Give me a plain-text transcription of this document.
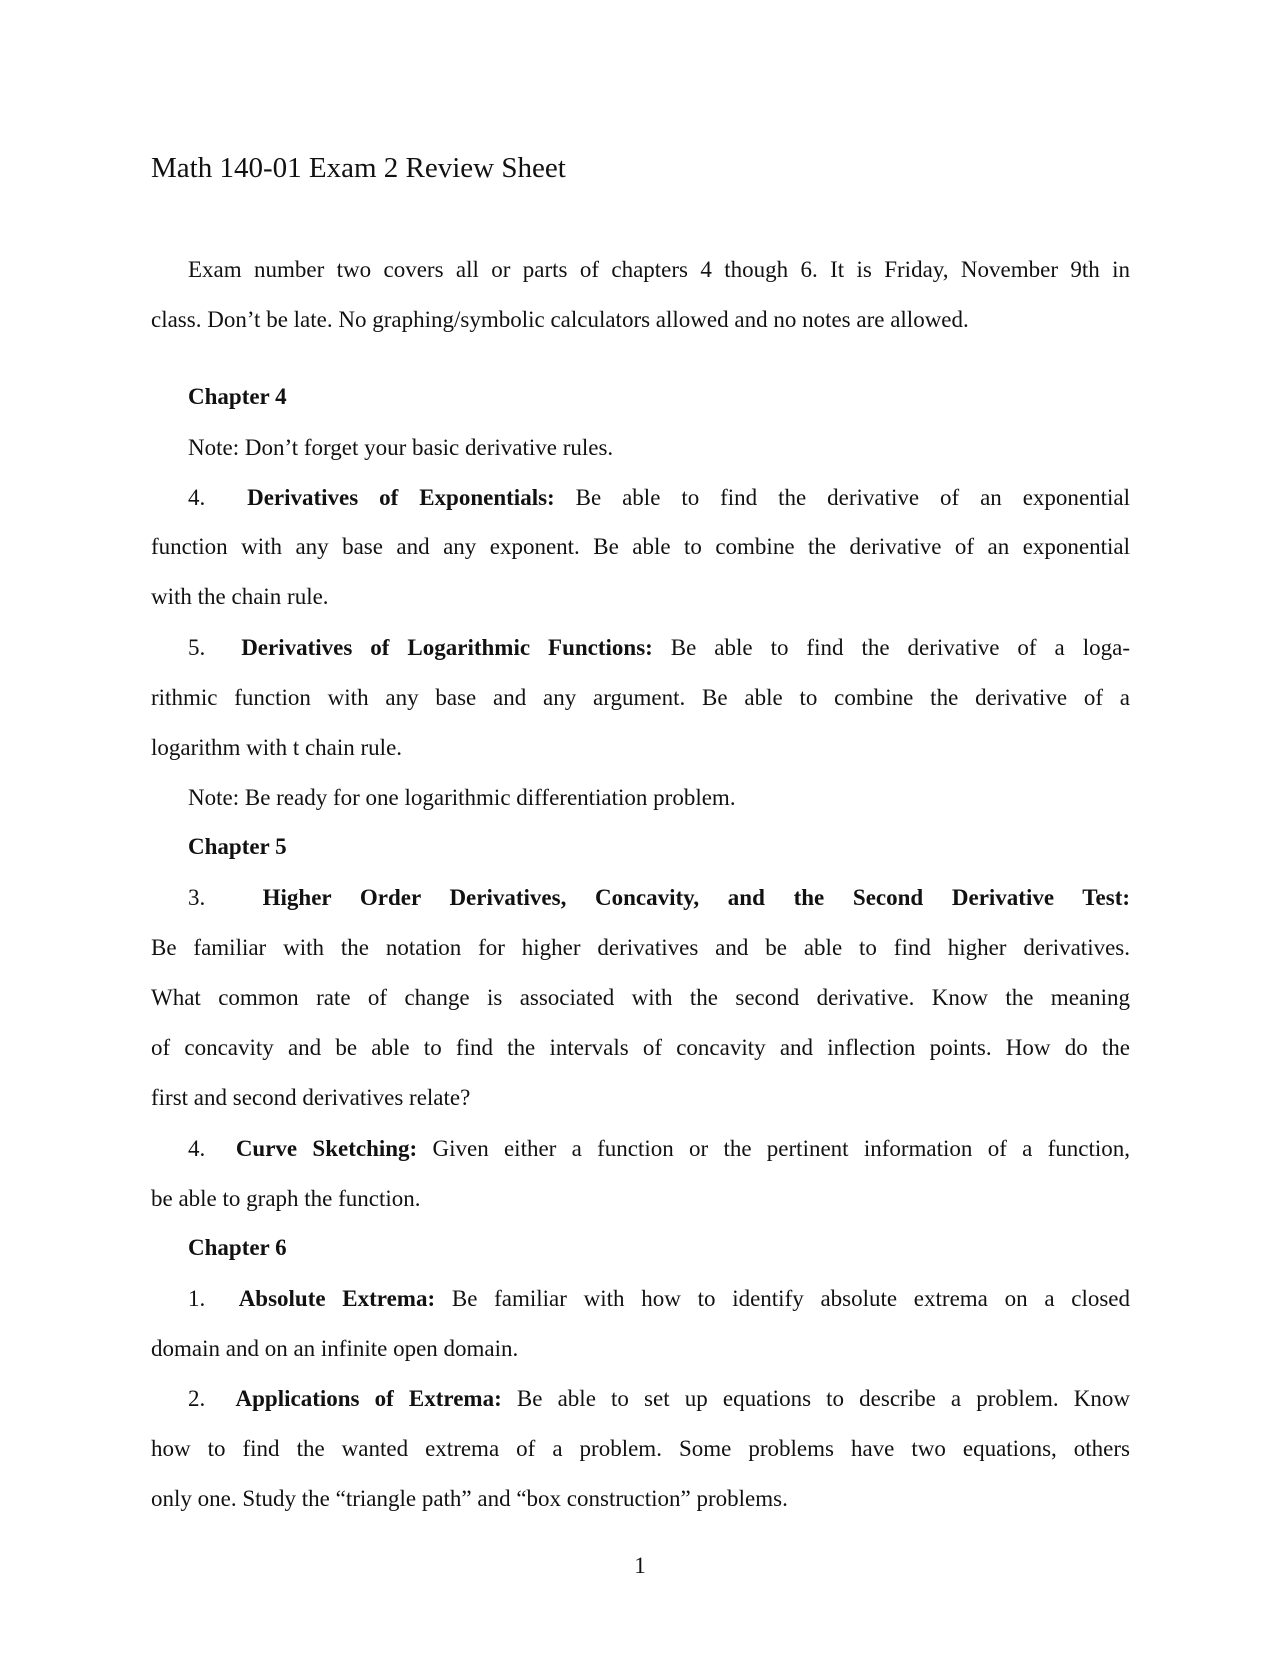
Math 140-01 Exam 2 Review Sheet
Exam number two covers all or parts of chapters 4 though 6. It is Friday, November 9th in
class. Don’t be late. No graphing/symbolic calculators allowed and no notes are allowed.
Chapter 4
Note: Don’t forget your basic derivative rules.
4.  Derivatives of Exponentials: Be able to find the derivative of an exponential
function with any base and any exponent. Be able to combine the derivative of an exponential
with the chain rule.
5.  Derivatives of Logarithmic Functions: Be able to find the derivative of a loga-
rithmic function with any base and any argument. Be able to combine the derivative of a
logarithm with t chain rule.
Note: Be ready for one logarithmic differentiation problem.
Chapter 5
3.  Higher Order Derivatives, Concavity, and the Second Derivative Test:
Be familiar with the notation for higher derivatives and be able to find higher derivatives.
What common rate of change is associated with the second derivative. Know the meaning
of concavity and be able to find the intervals of concavity and inflection points. How do the
first and second derivatives relate?
4.  Curve Sketching: Given either a function or the pertinent information of a function,
be able to graph the function.
Chapter 6
1.  Absolute Extrema: Be familiar with how to identify absolute extrema on a closed
domain and on an infinite open domain.
2.  Applications of Extrema: Be able to set up equations to describe a problem. Know
how to find the wanted extrema of a problem. Some problems have two equations, others
only one. Study the “triangle path” and “box construction” problems.
1
